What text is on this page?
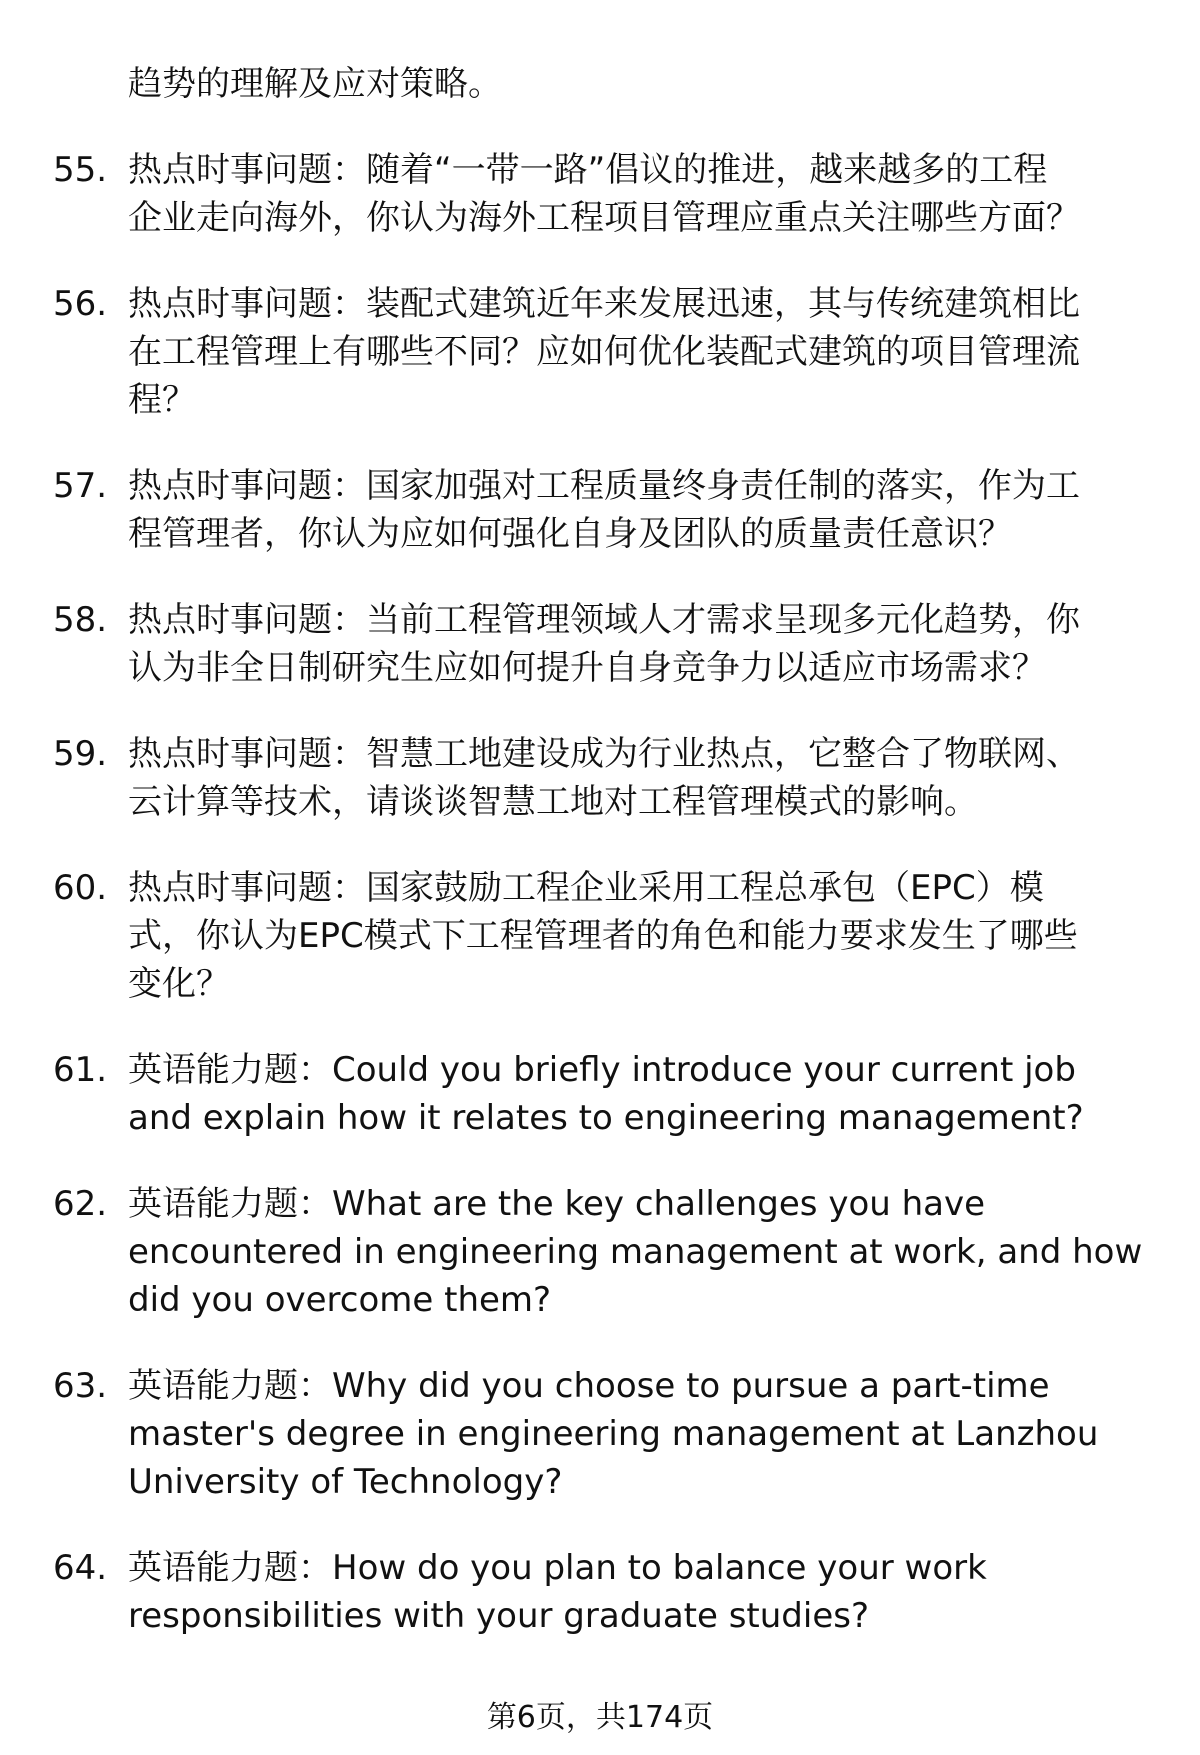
趋势的理解及应对策略。
55. 热点时事问题：随着“一带一路”倡议的推进，越来越多的工程
企业走向海外，你认为海外工程项目管理应重点关注哪些方面？
56. 热点时事问题：装配式建筑近年来发展迅速，其与传统建筑相比
在工程管理上有哪些不同？应如何优化装配式建筑的项目管理流
程？
57. 热点时事问题：国家加强对工程质量终身责任制的落实，作为工
程管理者，你认为应如何强化自身及团队的质量责任意识？
58. 热点时事问题：当前工程管理领域人才需求呈现多元化趋势，你
认为非全日制研究生应如何提升自身竞争力以适应市场需求？
59. 热点时事问题：智慧工地建设成为行业热点，它整合了物联网、
云计算等技术，请谈谈智慧工地对工程管理模式的影响。
60. 热点时事问题：国家鼓励工程企业采用工程总承包（EPC）模
式，你认为EPC模式下工程管理者的角色和能力要求发生了哪些
变化？
61. 英语能力题：Could you briefly introduce your current job
and explain how it relates to engineering management?
62. 英语能力题：What are the key challenges you have
encountered in engineering management at work, and how
did you overcome them?
63. 英语能力题：Why did you choose to pursue a part-time
master's degree in engineering management at Lanzhou
University of Technology?
64. 英语能力题：How do you plan to balance your work
responsibilities with your graduate studies?
第6页，共174页
